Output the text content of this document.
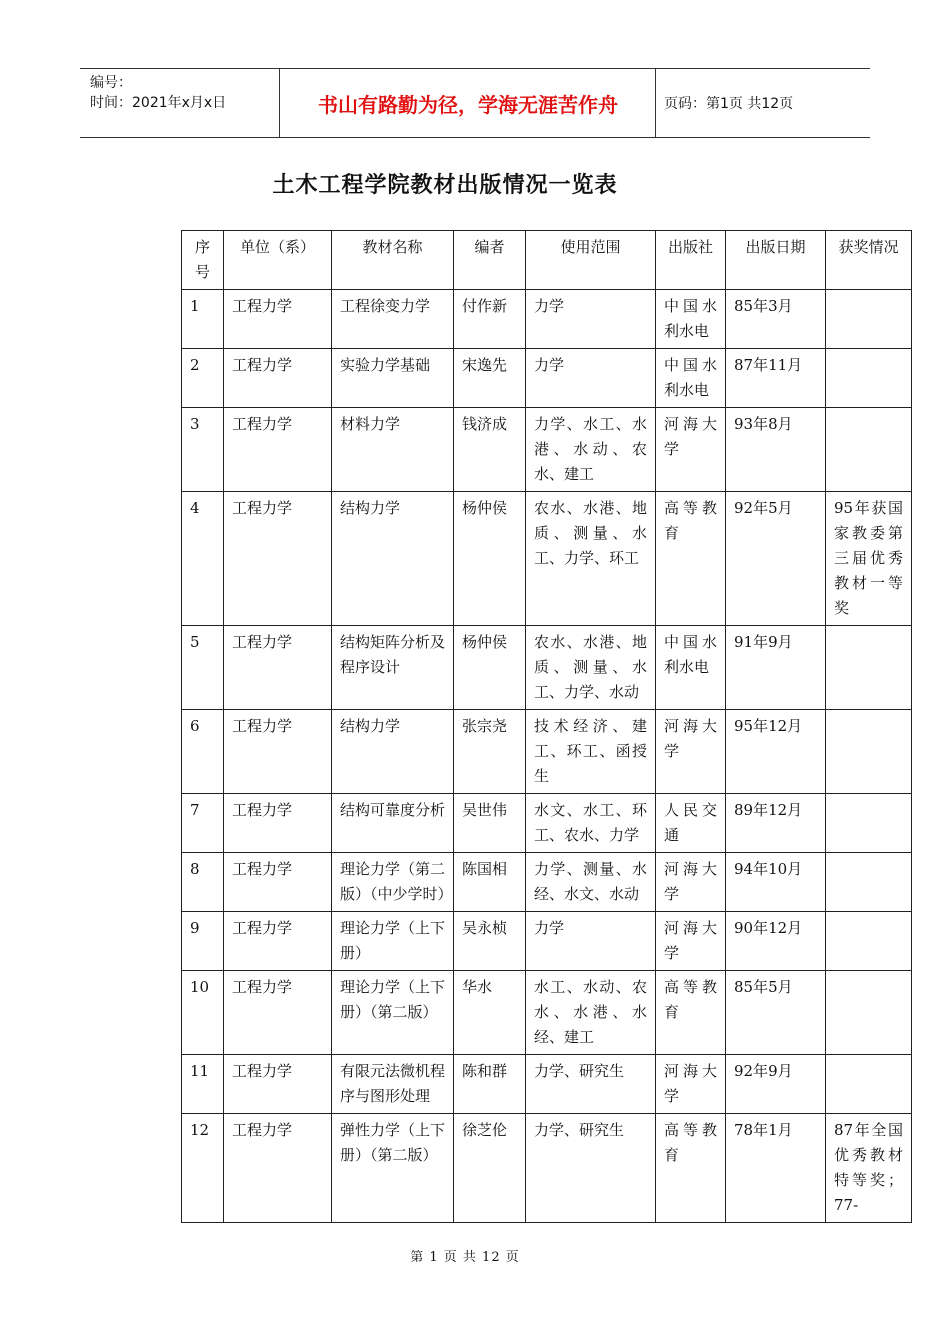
编号：
时间：2021年x月x日	书山有路勤为径，学海无涯苦作舟	页码：第1页 共12页
土木工程学院教材出版情况一览表
序号	单位（系）	教材名称	编者	使用范围	出版社	出版日期	获奖情况
1	工程力学	工程徐变力学	付作新	力学	中国水利水电	85年3月	
2	工程力学	实验力学基础	宋逸先	力学	中国水利水电	87年11月	
3	工程力学	材料力学	钱济成	力学、水工、水港、水动、农水、建工	河海大学	93年8月	
4	工程力学	结构力学	杨仲侯	农水、水港、地质、测量、水工、力学、环工	高等教育	92年5月	95年获国家教委第三届优秀教材一等奖
5	工程力学	结构矩阵分析及程序设计	杨仲侯	农水、水港、地质、测量、水工、力学、水动	中国水利水电	91年9月	
6	工程力学	结构力学	张宗尧	技术经济、建工、环工、函授生	河海大学	95年12月	
7	工程力学	结构可靠度分析	吴世伟	水文、水工、环工、农水、力学	人民交通	89年12月	
8	工程力学	理论力学（第二版）（中少学时）	陈国相	力学、测量、水经、水文、水动	河海大学	94年10月	
9	工程力学	理论力学（上下册）	吴永桢	力学	河海大学	90年12月	
10	工程力学	理论力学（上下册）（第二版）	华水	水工、水动、农水、水港、水经、建工	高等教育	85年5月	
11	工程力学	有限元法微机程序与图形处理	陈和群	力学、研究生	河海大学	92年9月	
12	工程力学	弹性力学（上下册）（第二版）	徐芝伦	力学、研究生	高等教育	78年1月	87年全国优秀教材特等奖；77-
第 1 页 共 12 页
